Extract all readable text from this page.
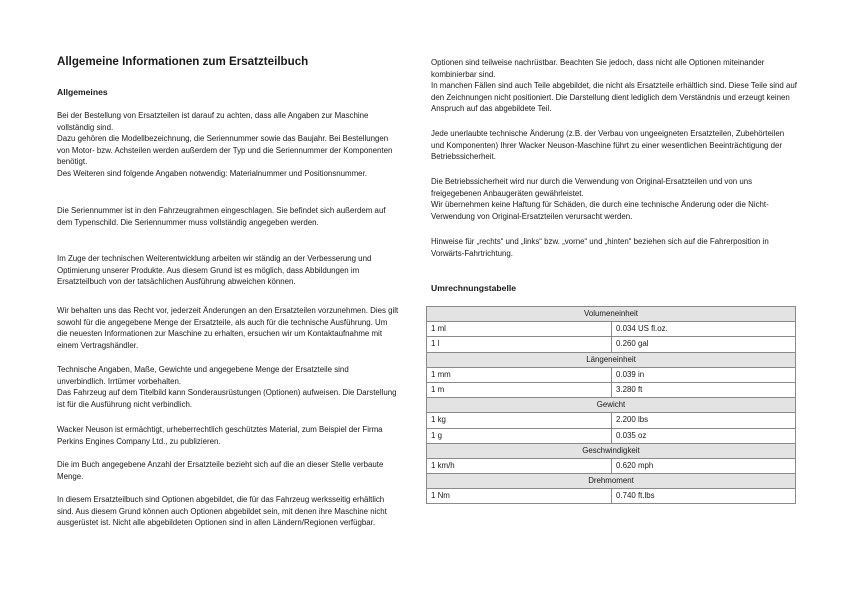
Allgemeine Informationen zum Ersatzteilbuch
Allgemeines

Bei der Bestellung von Ersatzteilen ist darauf zu achten, dass alle Angaben zur Maschine vollständig sind.
Dazu gehören die Modellbezeichnung, die Seriennummer sowie das Baujahr. Bei Bestellungen von Motor- bzw. Achsteilen werden außerdem der Typ und die Seriennummer der Komponenten benötigt.
Des Weiteren sind folgende Angaben notwendig: Materialnummer und Positionsnummer.

Die Seriennummer ist in den Fahrzeugrahmen eingeschlagen. Sie befindet sich außerdem auf dem Typenschild. Die Seriennummer muss vollständig angegeben werden.

Im Zuge der technischen Weiterentwicklung arbeiten wir ständig an der Verbesserung und Optimierung unserer Produkte. Aus diesem Grund ist es möglich, dass Abbildungen im Ersatzteilbuch von der tatsächlichen Ausführung abweichen können.

Wir behalten uns das Recht vor, jederzeit Änderungen an den Ersatzteilen vorzunehmen. Dies gilt sowohl für die angegebene Menge der Ersatzteile, als auch für die technische Ausführung. Um die neuesten Informationen zur Maschine zu erhalten, ersuchen wir um Kontaktaufnahme mit einem Vertragshändler.

Technische Angaben, Maße, Gewichte und angegebene Menge der Ersatzteile sind unverbindlich. Irrtümer vorbehalten.
Das Fahrzeug auf dem Titelbild kann Sonderausrüstungen (Optionen) aufweisen. Die Darstellung ist für die Ausführung nicht verbindlich.

Wacker Neuson ist ermächtigt, urheberrechtlich geschütztes Material, zum Beispiel der Firma Perkins Engines Company Ltd., zu publizieren.

Die im Buch angegebene Anzahl der Ersatzteile bezieht sich auf die an dieser Stelle verbaute Menge.

In diesem Ersatzteilbuch sind Optionen abgebildet, die für das Fahrzeug werksseitig erhältlich sind. Aus diesem Grund können auch Optionen abgebildet sein, mit denen ihre Maschine nicht ausgerüstet ist. Nicht alle abgebildeten Optionen sind in allen Ländern/Regionen verfügbar.

Optionen sind teilweise nachrüstbar. Beachten Sie jedoch, dass nicht alle Optionen miteinander kombinierbar sind.
In manchen Fällen sind auch Teile abgebildet, die nicht als Ersatzteile erhältlich sind. Diese Teile sind auf den Zeichnungen nicht positioniert. Die Darstellung dient lediglich dem Verständnis und erzeugt keinen Anspruch auf das abgebildete Teil.

Jede unerlaubte technische Änderung (z.B. der Verbau von ungeeigneten Ersatzteilen, Zubehörteilen und Komponenten) Ihrer Wacker Neuson-Maschine führt zu einer wesentlichen Beeinträchtigung der Betriebssicherheit.

Die Betriebssicherheit wird nur durch die Verwendung von Original-Ersatzteilen und von uns freigegebenen Anbaugeräten gewährleistet.
Wir übernehmen keine Haftung für Schäden, die durch eine technische Änderung oder die Nicht-Verwendung von Original-Ersatzteilen verursacht werden.

Hinweise für „rechts“ und „links“ bzw. „vorne“ und „hinten“ beziehen sich auf die Fahrerposition in Vorwärts-Fahrtrichtung.

Umrechnungstabelle
Volumeneinheit	
1 ml	0.034 US fl.oz.
1 l	0.260 gal
Längeneinheit	
1 mm	0.039 in
1 m	3.280 ft
Gewicht	
1 kg	2.200 lbs
1 g	0.035 oz
Geschwindigkeit	
1 km/h	0.620 mph
Drehmoment	
1 Nm	0.740 ft.lbs
